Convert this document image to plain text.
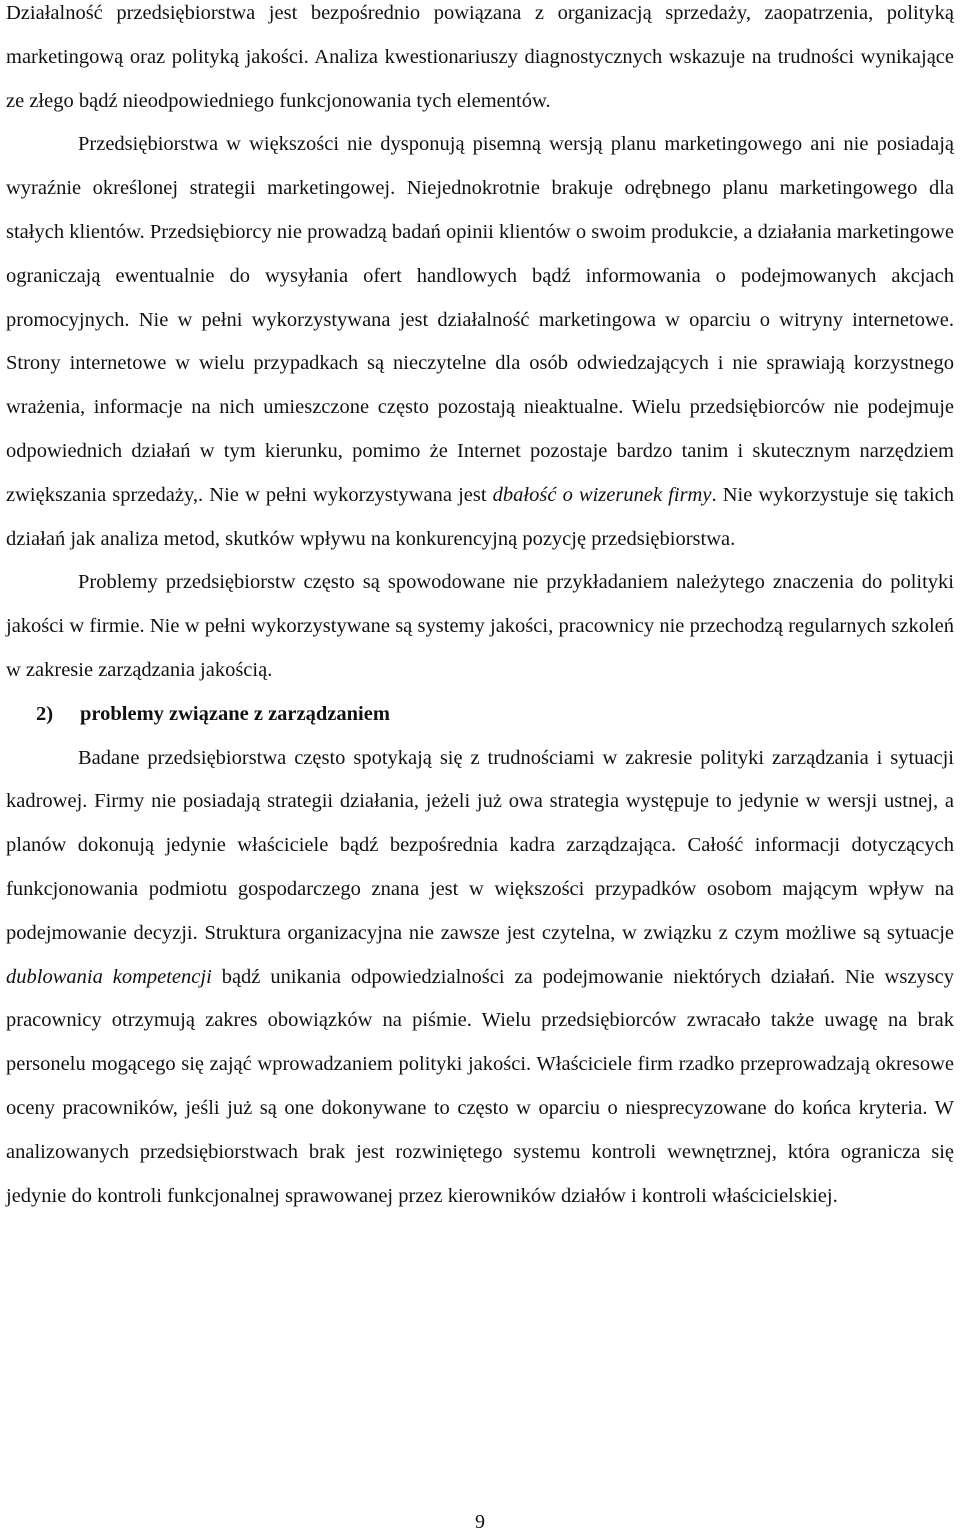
Działalność przedsiębiorstwa jest bezpośrednio powiązana z organizacją sprzedaży, zaopatrzenia, polityką marketingową oraz polityką jakości. Analiza kwestionariuszy diagnostycznych wskazuje na trudności wynikające ze złego bądź nieodpowiedniego funkcjonowania tych elementów.

Przedsiębiorstwa w większości nie dysponują pisemną wersją planu marketingowego ani nie posiadają wyraźnie określonej strategii marketingowej. Niejednokrotnie brakuje odrębnego planu marketingowego dla stałych klientów. Przedsiębiorcy nie prowadzą badań opinii klientów o swoim produkcie, a działania marketingowe ograniczają ewentualnie do wysyłania ofert handlowych bądź informowania o podejmowanych akcjach promocyjnych. Nie w pełni wykorzystywana jest działalność marketingowa w oparciu o witryny internetowe. Strony internetowe w wielu przypadkach są nieczytelne dla osób odwiedzających i nie sprawiają korzystnego wrażenia, informacje na nich umieszczone często pozostają nieaktualne. Wielu przedsiębiorców nie podejmuje odpowiednich działań w tym kierunku, pomimo że Internet pozostaje bardzo tanim i skutecznym narzędziem zwiększania sprzedaży,. Nie w pełni wykorzystywana jest dbałość o wizerunek firmy. Nie wykorzystuje się takich działań jak analiza metod, skutków wpływu na konkurencyjną pozycję przedsiębiorstwa.

Problemy przedsiębiorstw często są spowodowane nie przykładaniem należytego znaczenia do polityki jakości w firmie. Nie w pełni wykorzystywane są systemy jakości, pracownicy nie przechodzą regularnych szkoleń w zakresie zarządzania jakością.

2) problemy związane z zarządzaniem

Badane przedsiębiorstwa często spotykają się z trudnościami w zakresie polityki zarządzania i sytuacji kadrowej. Firmy nie posiadają strategii działania, jeżeli już owa strategia występuje to jedynie w wersji ustnej, a planów dokonują jedynie właściciele bądź bezpośrednia kadra zarządzająca. Całość informacji dotyczących funkcjonowania podmiotu gospodarczego znana jest w większości przypadków osobom mającym wpływ na podejmowanie decyzji. Struktura organizacyjna nie zawsze jest czytelna, w związku z czym możliwe są sytuacje dublowania kompetencji bądź unikania odpowiedzialności za podejmowanie niektórych działań. Nie wszyscy pracownicy otrzymują zakres obowiązków na piśmie. Wielu przedsiębiorców zwracało także uwagę na brak personelu mogącego się zająć wprowadzaniem polityki jakości. Właściciele firm rzadko przeprowadzają okresowe oceny pracowników, jeśli już są one dokonywane to często w oparciu o niesprecyzowane do końca kryteria. W analizowanych przedsiębiorstwach brak jest rozwiniętego systemu kontroli wewnętrznej, która ogranicza się jedynie do kontroli funkcjonalnej sprawowanej przez kierowników działów i kontroli właścicielskiej.

9
